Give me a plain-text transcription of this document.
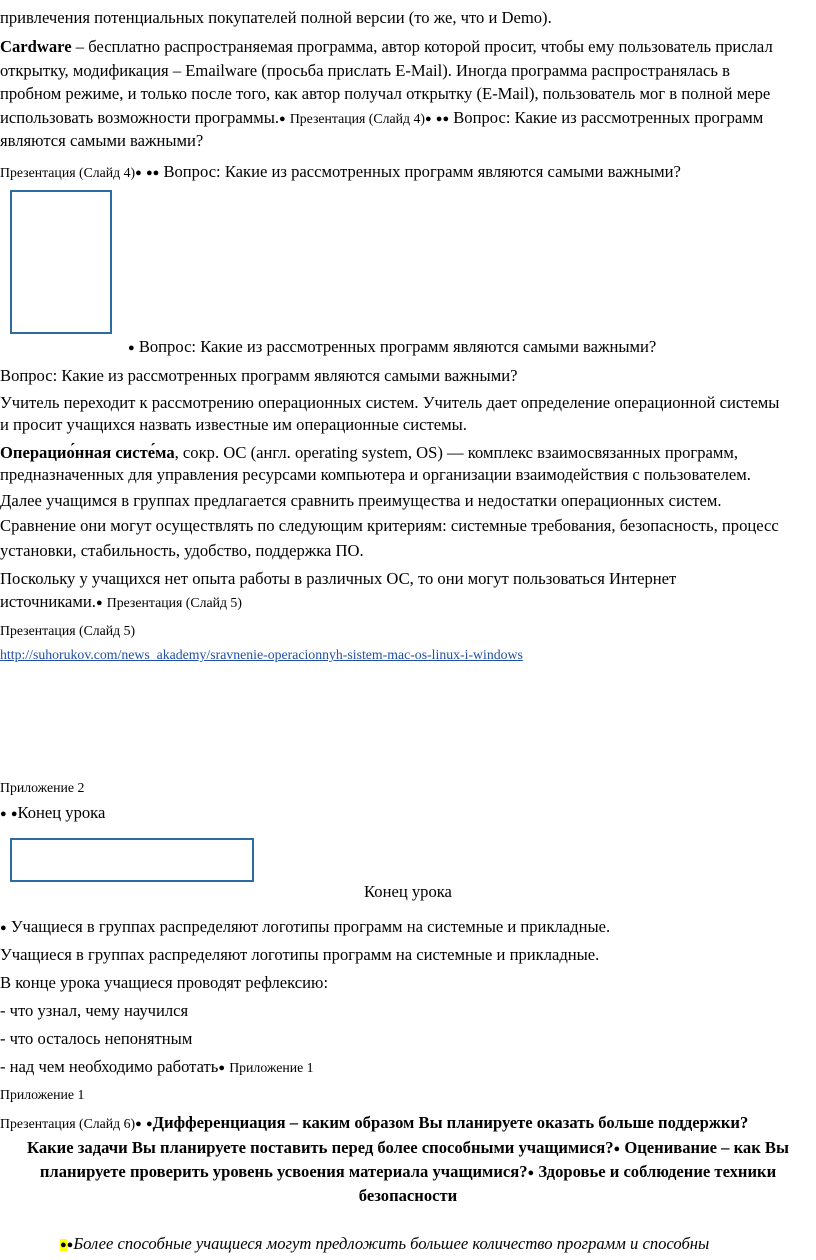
привлечения потенциальных покупателей полной версии (то же, что и Demo).
Cardware – бесплатно распространяемая программа, автор которой просит, чтобы ему пользователь прислал
открытку, модификация – Emailware (просьба прислать E-Mail). Иногда программа распространялась в
пробном режиме, и только после того, как автор получал открытку (E-Mail), пользователь мог в полной мере
использовать возможности программы.● Презентация (Слайд 4)● ●● Вопрос: Какие из рассмотренных программ
являются самыми важными?
Презентация (Слайд 4)● ●● Вопрос: Какие из рассмотренных программ являются самыми важными?
● Вопрос: Какие из рассмотренных программ являются самыми важными?
Вопрос: Какие из рассмотренных программ являются самыми важными?
Учитель переходит к рассмотрению операционных систем. Учитель дает определение операционной системы
и просит учащихся назвать известные им операционные системы.
Операцио́нная систе́ма, сокр. ОС (англ. operating system, OS) — комплекс взаимосвязанных программ,
предназначенных для управления ресурсами компьютера и организации взаимодействия с пользователем.
Далее учащимся в группах предлагается сравнить преимущества и недостатки операционных систем.
Сравнение они могут осуществлять по следующим критериям: системные требования, безопасность, процесс
установки, стабильность, удобство, поддержка ПО.
Поскольку у учащихся нет опыта работы в различных ОС, то они могут пользоваться Интернет
источниками.● Презентация (Слайд 5)
Презентация (Слайд 5)
http://suhorukov.com/news_akademy/sravnenie-operacionnyh-sistem-mac-os-linux-i-windows
Приложение 2
● ●Конец урока
Конец урока
● Учащиеся в группах распределяют логотипы программ на системные и прикладные.
Учащиеся в группах распределяют логотипы программ на системные и прикладные.
В конце урока учащиеся проводят рефлексию:
- что узнал, чему научился
- что осталось непонятным
- над чем необходимо работать● Приложение 1
Приложение 1
Презентация (Слайд 6)● ●Дифференциация – каким образом Вы планируете оказать больше поддержки?
Какие задачи Вы планируете поставить перед более способными учащимися?● Оценивание – как Вы
планируете проверить уровень усвоения материала учащимися?● Здоровье и соблюдение техники
безопасности
●●Более способные учащиеся могут предложить большее количество программ и способны
